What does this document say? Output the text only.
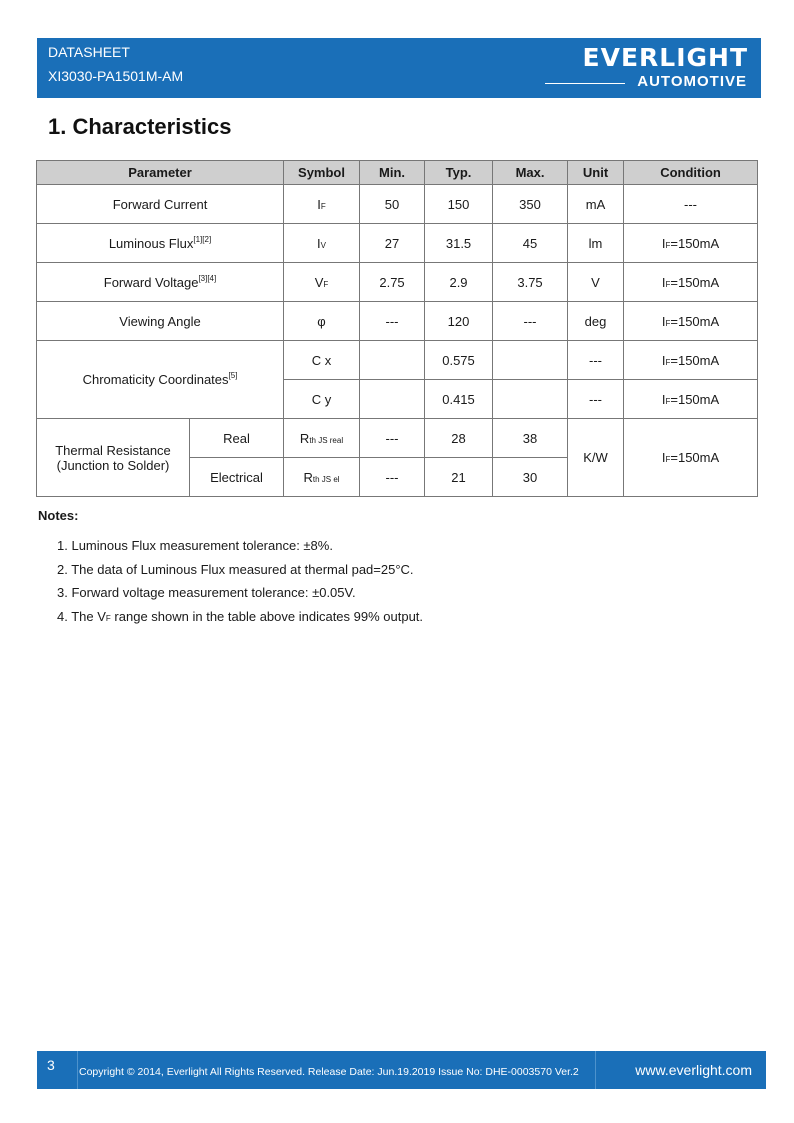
DATASHEET
XI3030-PA1501M-AM
EVERLIGHT
AUTOMOTIVE
1. Characteristics
Parameter		Symbol	Min.	Typ.	Max.	Unit	Condition
Forward Current		IF	50	150	350	mA	---
Luminous Flux[1][2]		IV	27	31.5	45	lm	IF=150mA
Forward Voltage[3][4]		VF	2.75	2.9	3.75	V	IF=150mA
Viewing Angle		φ	---	120	---	deg	IF=150mA
Chromaticity Coordinates[5]		C x		0.575		---	IF=150mA
		C y		0.415		---	IF=150mA

Thermal Resistance
(Junction to Solder)	Real	Rth JS real	---	28	38	K/W	IF=150mA
	Electrical	Rth JS el	---	21	30		
Notes:
1. Luminous Flux measurement tolerance: ±8%.
2. The data of Luminous Flux measured at thermal pad=25°C.
3. Forward voltage measurement tolerance: ±0.05V.
4. The VF range shown in the table above indicates 99% output.
3 Copyright © 2014, Everlight All Rights Reserved. Release Date: Jun.19.2019 Issue No: DHE-0003570 Ver.2	www.everlight.com
